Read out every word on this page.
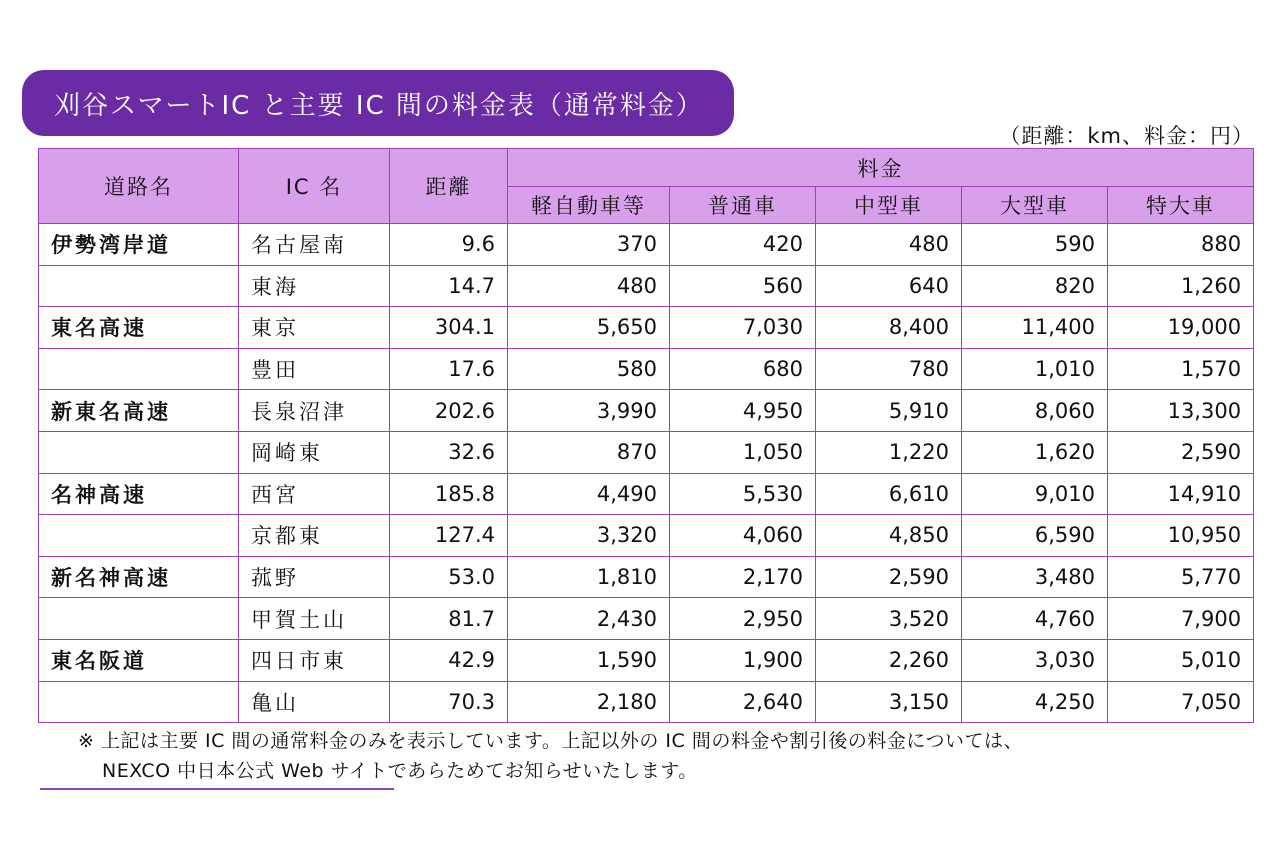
刈谷スマートIC と主要 IC 間の料金表（通常料金）
（距離：km、料金：円）
道路名	IC 名	距離	料金				
			軽自動車等	普通車	中型車	大型車	特大車
伊勢湾岸道	名古屋南	9.6	370	420	480	590	880
	東海	14.7	480	560	640	820	1,260
東名高速	東京	304.1	5,650	7,030	8,400	11,400	19,000
	豊田	17.6	580	680	780	1,010	1,570
新東名高速	長泉沼津	202.6	3,990	4,950	5,910	8,060	13,300
	岡崎東	32.6	870	1,050	1,220	1,620	2,590
名神高速	西宮	185.8	4,490	5,530	6,610	9,010	14,910
	京都東	127.4	3,320	4,060	4,850	6,590	10,950
新名神高速	菰野	53.0	1,810	2,170	2,590	3,480	5,770
	甲賀土山	81.7	2,430	2,950	3,520	4,760	7,900
東名阪道	四日市東	42.9	1,590	1,900	2,260	3,030	5,010
	亀山	70.3	2,180	2,640	3,150	4,250	7,050
※ 上記は主要 IC 間の通常料金のみを表示しています。上記以外の IC 間の料金や割引後の料金については、
NEXCO 中日本公式 Web サイトであらためてお知らせいたします。
